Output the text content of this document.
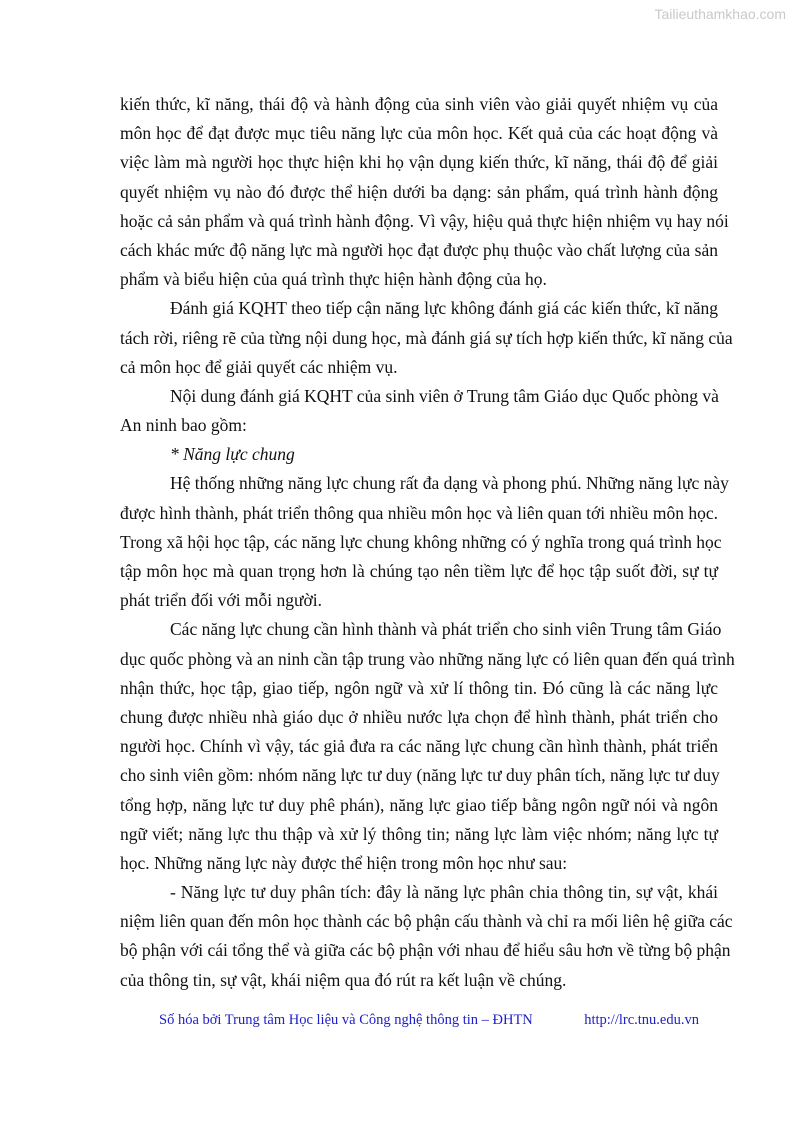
Tailieuthamkhao.com
kiến thức, kĩ năng, thái độ và hành động của sinh viên vào giải quyết nhiệm vụ của
môn học để đạt được mục tiêu năng lực của môn học. Kết quả của các hoạt động và
việc làm mà người học thực hiện khi họ vận dụng kiến thức, kĩ năng, thái độ để giải
quyết nhiệm vụ nào đó được thể hiện dưới ba dạng: sản phẩm, quá trình hành động
hoặc cả sản phẩm và quá trình hành động. Vì vậy, hiệu quả thực hiện nhiệm vụ hay nói
cách khác mức độ năng lực mà người học đạt được phụ thuộc vào chất lượng của sản
phẩm và biểu hiện của quá trình thực hiện hành động của họ.
Đánh giá KQHT theo tiếp cận năng lực không đánh giá các kiến thức, kĩ năng
tách rời, riêng rẽ của từng nội dung học, mà đánh giá sự tích hợp kiến thức, kĩ năng của
cả môn học để giải quyết các nhiệm vụ.
Nội dung đánh giá KQHT của sinh viên ở Trung tâm Giáo dục Quốc phòng và
An ninh bao gồm:
* Năng lực chung
Hệ thống những năng lực chung rất đa dạng và phong phú. Những năng lực này
được hình thành, phát triển thông qua nhiều môn học và liên quan tới nhiều môn học.
Trong xã hội học tập, các năng lực chung không những có ý nghĩa trong quá trình học
tập môn học mà quan trọng hơn là chúng tạo nên tiềm lực để học tập suốt đời, sự tự
phát triển đối với mỗi người.
Các năng lực chung cần hình thành và phát triển cho sinh viên Trung tâm Giáo
dục quốc phòng và an ninh cần tập trung vào những năng lực có liên quan đến quá trình
nhận thức, học tập, giao tiếp, ngôn ngữ và xử lí thông tin. Đó cũng là các năng lực
chung được nhiều nhà giáo dục ở nhiều nước lựa chọn để hình thành, phát triển cho
người học. Chính vì vậy, tác giả đưa ra các năng lực chung cần hình thành, phát triển
cho sinh viên gồm: nhóm năng lực tư duy (năng lực tư duy phân tích, năng lực tư duy
tổng hợp, năng lực tư duy phê phán), năng lực giao tiếp bằng ngôn ngữ nói và ngôn
ngữ viết; năng lực thu thập và xử lý thông tin; năng lực làm việc nhóm; năng lực tự
học. Những năng lực này được thể hiện trong môn học như sau:
- Năng lực tư duy phân tích: đây là năng lực phân chia thông tin, sự vật, khái
niệm liên quan đến môn học thành các bộ phận cấu thành và chỉ ra mối liên hệ giữa các
bộ phận với cái tổng thể và giữa các bộ phận với nhau để hiểu sâu hơn về từng bộ phận
của thông tin, sự vật, khái niệm qua đó rút ra kết luận về chúng.
Số hóa bởi Trung tâm Học liệu và Công nghệ thông tin – ĐHTN	http://lrc.tnu.edu.vn
